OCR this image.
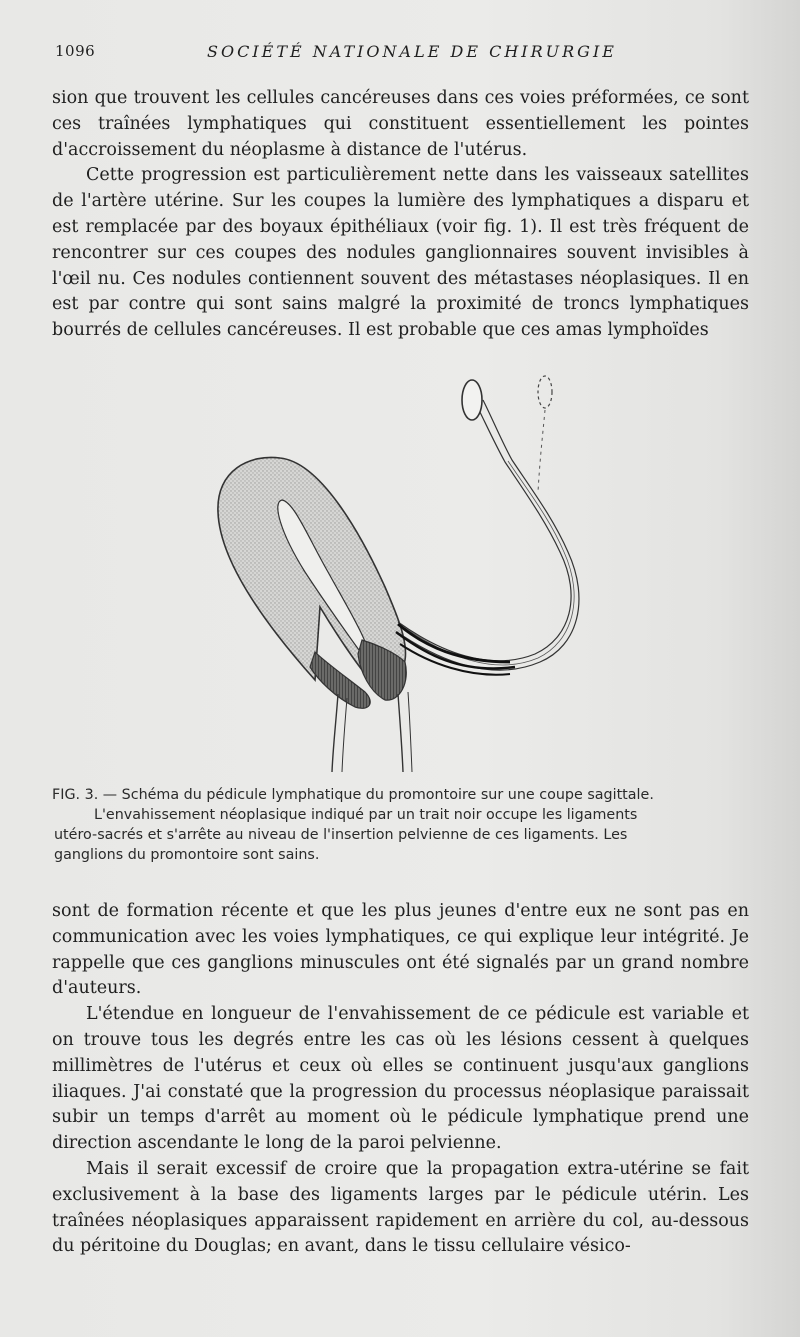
1096	SOCIÉTÉ NATIONALE DE CHIRURGIE

sion que trouvent les cellules cancéreuses dans ces voies préformées, ce sont ces traînées lymphatiques qui constituent essentiellement les pointes d'accroissement du néoplasme à distance de l'utérus.

Cette progression est particulièrement nette dans les vaisseaux satellites de l'artère utérine. Sur les coupes la lumière des lymphatiques a disparu et est remplacée par des boyaux épithéliaux (voir fig. 1). Il est très fréquent de rencontrer sur ces coupes des nodules ganglionnaires souvent invisibles à l'œil nu. Ces nodules contiennent souvent des métastases néoplasiques. Il en est par contre qui sont sains malgré la proximité de troncs lymphatiques bourrés de cellules cancéreuses. Il est probable que ces amas lymphoïdes

FIG. 3. — Schéma du pédicule lymphatique du promontoire sur une coupe sagittale.

L'envahissement néoplasique indiqué par un trait noir occupe les ligaments
utéro-sacrés et s'arrête au niveau de l'insertion pelvienne de ces ligaments. Les
ganglions du promontoire sont sains.

sont de formation récente et que les plus jeunes d'entre eux ne sont pas en communication avec les voies lymphatiques, ce qui explique leur intégrité. Je rappelle que ces ganglions minuscules ont été signalés par un grand nombre d'auteurs.

L'étendue en longueur de l'envahissement de ce pédicule est variable et on trouve tous les degrés entre les cas où les lésions cessent à quelques millimètres de l'utérus et ceux où elles se continuent jusqu'aux ganglions iliaques. J'ai constaté que la progression du processus néoplasique paraissait subir un temps d'arrêt au moment où le pédicule lymphatique prend une direction ascendante le long de la paroi pelvienne.

Mais il serait excessif de croire que la propagation extra-utérine se fait exclusivement à la base des ligaments larges par le pédicule utérin. Les traînées néoplasiques apparaissent rapidement en arrière du col, au-dessous du péritoine du Douglas; en avant, dans le tissu cellulaire vésico-
